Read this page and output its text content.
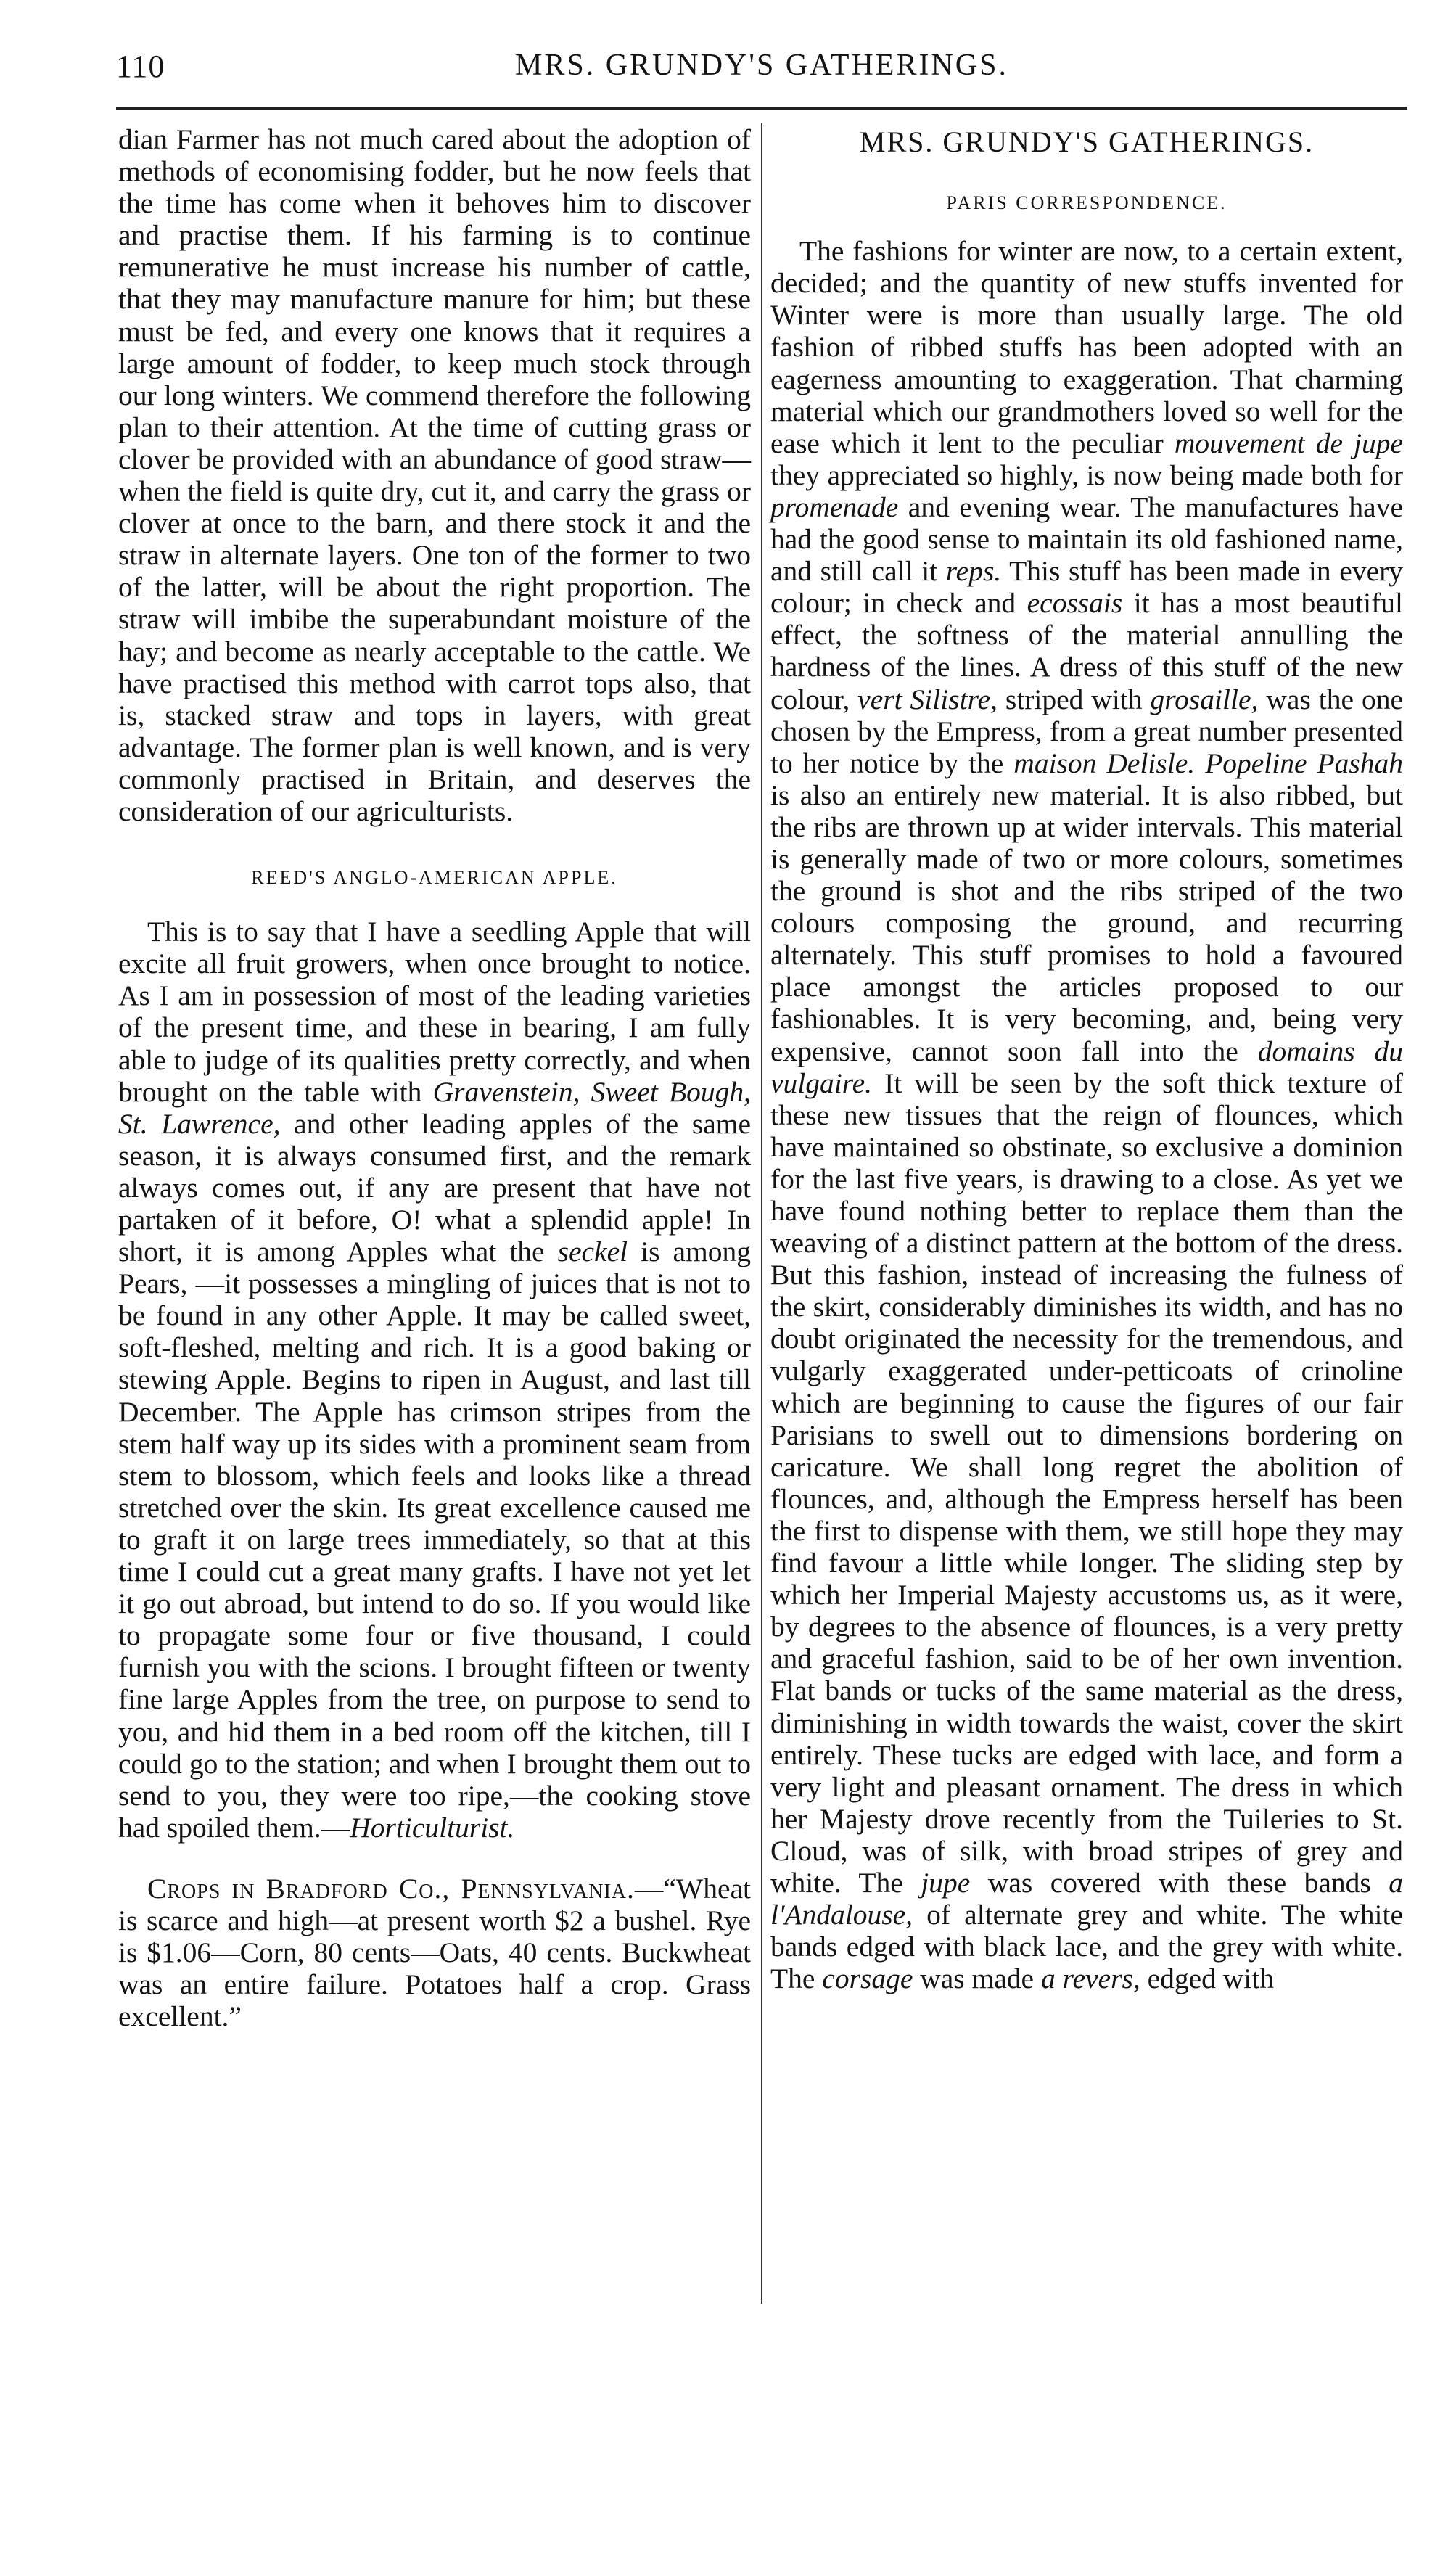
110	MRS. GRUNDY'S GATHERINGS.

dian Farmer has not much cared about the adoption of methods of economising fodder, but he now feels that the time has come when it behoves him to discover and practise them. If his farming is to continue remunerative he must increase his number of cattle, that they may manufacture manure for him; but these must be fed, and every one knows that it requires a large amount of fodder, to keep much stock through our long winters. We commend therefore the following plan to their attention. At the time of cutting grass or clover be provided with an abundance of good straw—when the field is quite dry, cut it, and carry the grass or clover at once to the barn, and there stock it and the straw in alternate layers. One ton of the former to two of the latter, will be about the right proportion. The straw will imbibe the superabundant moisture of the hay; and become as nearly acceptable to the cattle. We have practised this method with carrot tops also, that is, stacked straw and tops in layers, with great advantage. The former plan is well known, and is very commonly practised in Britain, and deserves the consideration of our agriculturists.

REED'S ANGLO-AMERICAN APPLE.

This is to say that I have a seedling Apple that will excite all fruit growers, when once brought to notice. As I am in possession of most of the leading varieties of the present time, and these in bearing, I am fully able to judge of its qualities pretty correctly, and when brought on the table with Gravenstein, Sweet Bough, St. Lawrence, and other leading apples of the same season, it is always consumed first, and the remark always comes out, if any are present that have not partaken of it before, O! what a splendid apple! In short, it is among Apples what the seckel is among Pears, —it possesses a mingling of juices that is not to be found in any other Apple. It may be called sweet, soft-fleshed, melting and rich. It is a good baking or stewing Apple. Begins to ripen in August, and last till December. The Apple has crimson stripes from the stem half way up its sides with a prominent seam from stem to blossom, which feels and looks like a thread stretched over the skin. Its great excellence caused me to graft it on large trees immediately, so that at this time I could cut a great many grafts. I have not yet let it go out abroad, but intend to do so. If you would like to propagate some four or five thousand, I could furnish you with the scions. I brought fifteen or twenty fine large Apples from the tree, on purpose to send to you, and hid them in a bed room off the kitchen, till I could go to the station; and when I brought them out to send to you, they were too ripe,—the cooking stove had spoiled them.—Horticulturist.

Crops in Bradford Co., Pennsylvania.—“Wheat is scarce and high—at present worth $2 a bushel. Rye is $1.06—Corn, 80 cents—Oats, 40 cents. Buckwheat was an entire failure. Potatoes half a crop. Grass excellent.”

MRS. GRUNDY'S GATHERINGS.
PARIS CORRESPONDENCE.

The fashions for winter are now, to a certain extent, decided; and the quantity of new stuffs invented for Winter were is more than usually large. The old fashion of ribbed stuffs has been adopted with an eagerness amounting to exaggeration. That charming material which our grandmothers loved so well for the ease which it lent to the peculiar mouvement de jupe they appreciated so highly, is now being made both for promenade and evening wear. The manufactures have had the good sense to maintain its old fashioned name, and still call it reps. This stuff has been made in every colour; in check and ecossais it has a most beautiful effect, the softness of the material annulling the hardness of the lines. A dress of this stuff of the new colour, vert Silistre, striped with grosaille, was the one chosen by the Empress, from a great number presented to her notice by the maison Delisle. Popeline Pashah is also an entirely new material. It is also ribbed, but the ribs are thrown up at wider intervals. This material is generally made of two or more colours, sometimes the ground is shot and the ribs striped of the two colours composing the ground, and recurring alternately. This stuff promises to hold a favoured place amongst the articles proposed to our fashionables. It is very becoming, and, being very expensive, cannot soon fall into the domains du vulgaire. It will be seen by the soft thick texture of these new tissues that the reign of flounces, which have maintained so obstinate, so exclusive a dominion for the last five years, is drawing to a close. As yet we have found nothing better to replace them than the weaving of a distinct pattern at the bottom of the dress. But this fashion, instead of increasing the fulness of the skirt, considerably diminishes its width, and has no doubt originated the necessity for the tremendous, and vulgarly exaggerated under-petticoats of crinoline which are beginning to cause the figures of our fair Parisians to swell out to dimensions bordering on caricature. We shall long regret the abolition of flounces, and, although the Empress herself has been the first to dispense with them, we still hope they may find favour a little while longer. The sliding step by which her Imperial Majesty accustoms us, as it were, by degrees to the absence of flounces, is a very pretty and graceful fashion, said to be of her own invention. Flat bands or tucks of the same material as the dress, diminishing in width towards the waist, cover the skirt entirely. These tucks are edged with lace, and form a very light and pleasant ornament. The dress in which her Majesty drove recently from the Tuileries to St. Cloud, was of silk, with broad stripes of grey and white. The jupe was covered with these bands a l'Andalouse, of alternate grey and white. The white bands edged with black lace, and the grey with white. The corsage was made a revers, edged with
